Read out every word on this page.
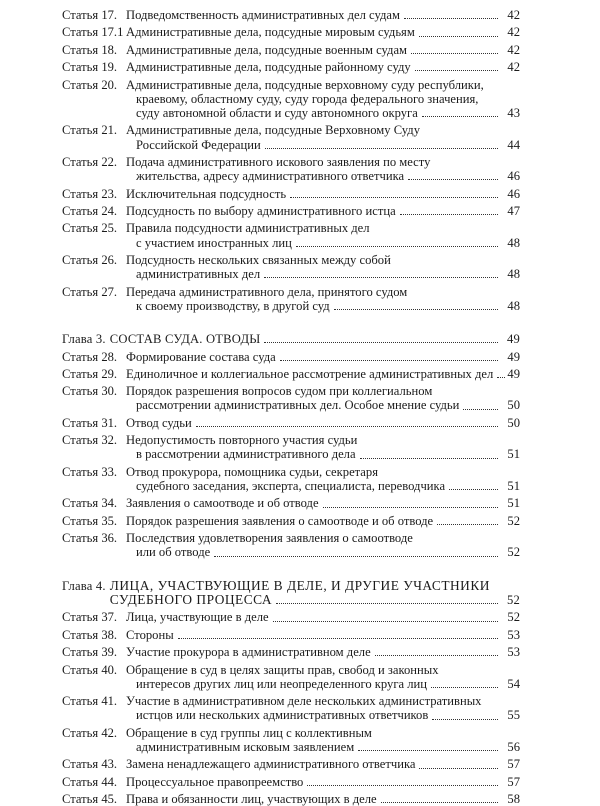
Статья 17. Подведомственность административных дел судам	42
Статья 17.1 Административные дела, подсудные мировым судьям	42
Статья 18. Административные дела, подсудные военным судам	42
Статья 19. Административные дела, подсудные районному суду	42
Статья 20. Административные дела, подсудные верховному суду республики,
краевому, областному суду, суду города федерального значения,
суду автономной области и суду автономного округа	43
Статья 21. Административные дела, подсудные Верховному Суду
Российской Федерации	44
Статья 22. Подача административного искового заявления по месту
жительства, адресу административного ответчика	46
Статья 23. Исключительная подсудность	46
Статья 24. Подсудность по выбору административного истца	47
Статья 25. Правила подсудности административных дел
с участием иностранных лиц	48
Статья 26. Подсудность нескольких связанных между собой
административных дел	48
Статья 27. Передача административного дела, принятого судом
к своему производству, в другой суд	48
Глава 3. СОСТАВ СУДА. ОТВОДЫ	49
Статья 28. Формирование состава суда	49
Статья 29. Единоличное и коллегиальное рассмотрение административных дел	49
Статья 30. Порядок разрешения вопросов судом при коллегиальном
рассмотрении административных дел. Особое мнение судьи	50
Статья 31. Отвод судьи	50
Статья 32. Недопустимость повторного участия судьи
в рассмотрении административного дела	51
Статья 33. Отвод прокурора, помощника судьи, секретаря
судебного заседания, эксперта, специалиста, переводчика	51
Статья 34. Заявления о самоотводе и об отводе	51
Статья 35. Порядок разрешения заявления о самоотводе и об отводе	52
Статья 36. Последствия удовлетворения заявления о самоотводе
или об отводе	52
Глава 4. ЛИЦА, УЧАСТВУЮЩИЕ В ДЕЛЕ, И ДРУГИЕ УЧАСТНИКИ
СУДЕБНОГО ПРОЦЕССА	52
Статья 37. Лица, участвующие в деле	52
Статья 38. Стороны	53
Статья 39. Участие прокурора в административном деле	53
Статья 40. Обращение в суд в целях защиты прав, свобод и законных
интересов других лиц или неопределенного круга лиц	54
Статья 41. Участие в административном деле нескольких административных
истцов или нескольких административных ответчиков	55
Статья 42. Обращение в суд группы лиц с коллективным
административным исковым заявлением	56
Статья 43. Замена ненадлежащего административного ответчика	57
Статья 44. Процессуальное правопреемство	57
Статья 45. Права и обязанности лиц, участвующих в деле	58
